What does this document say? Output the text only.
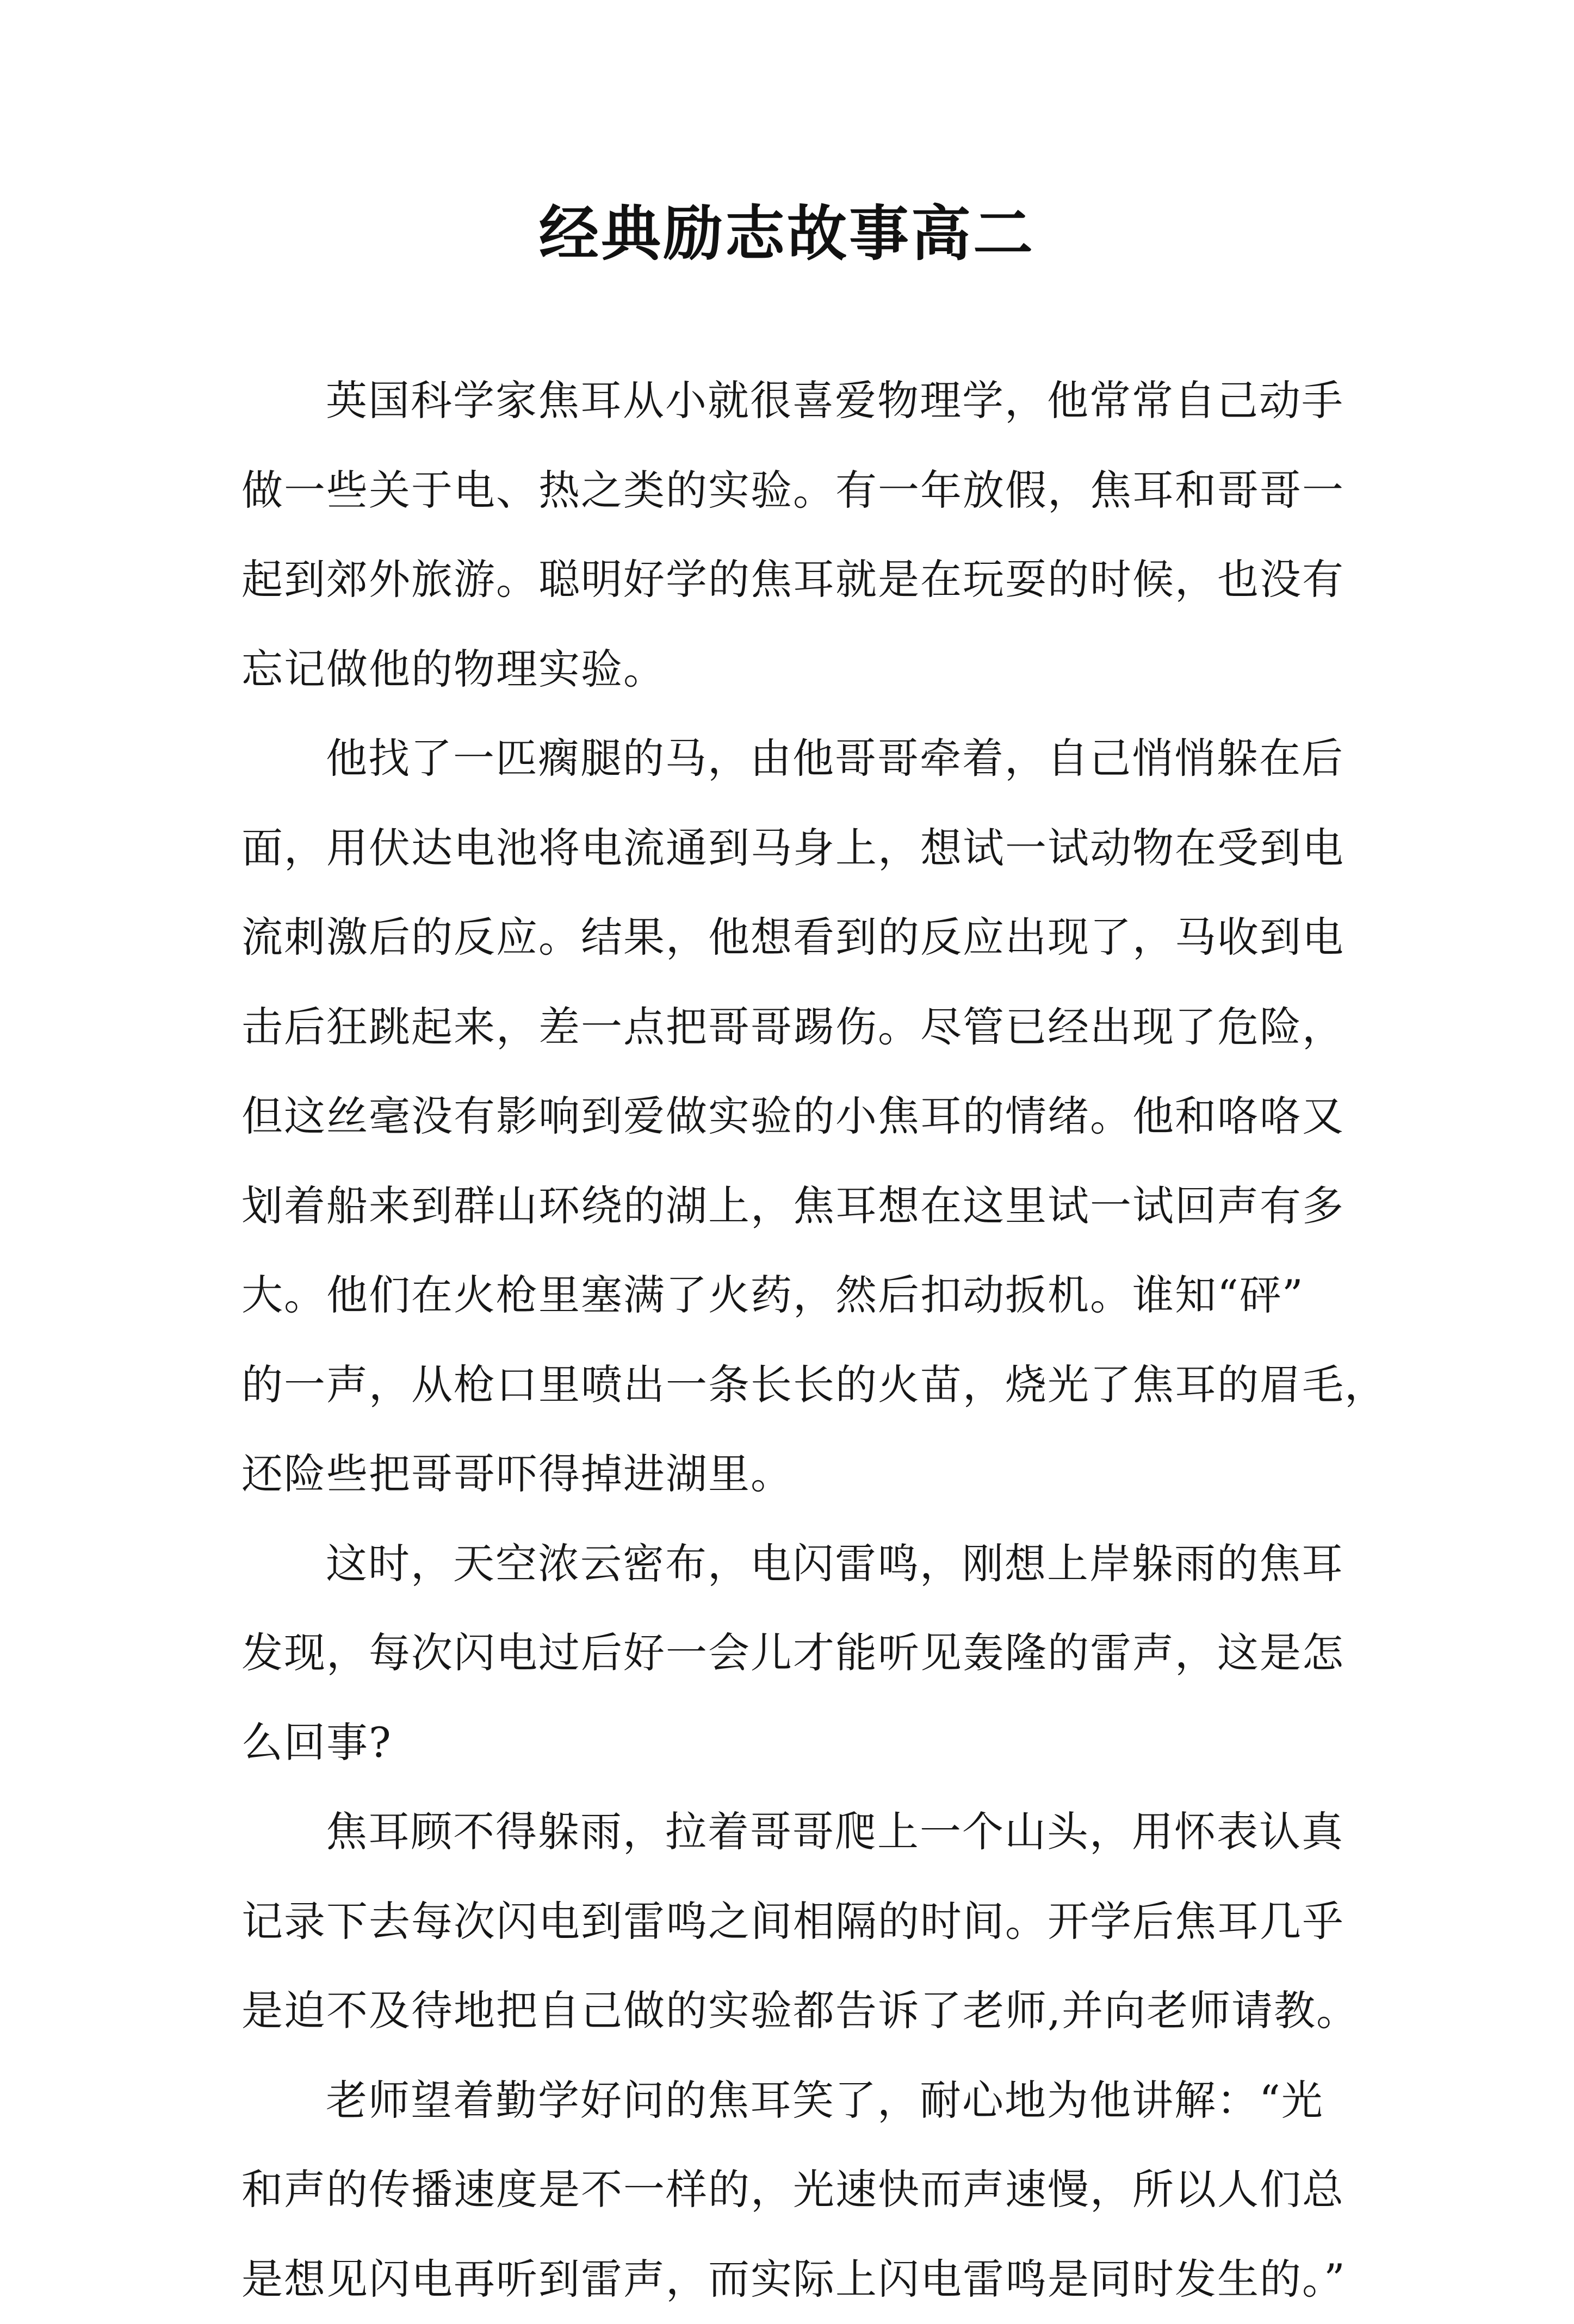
经典励志故事高二
英国科学家焦耳从小就很喜爱物理学，他常常自己动手
做一些关于电、热之类的实验。有一年放假，焦耳和哥哥一
起到郊外旅游。聪明好学的焦耳就是在玩耍的时候，也没有
忘记做他的物理实验。
他找了一匹瘸腿的马，由他哥哥牵着，自己悄悄躲在后
面，用伏达电池将电流通到马身上，想试一试动物在受到电
流刺激后的反应。结果，他想看到的反应出现了，马收到电
击后狂跳起来，差一点把哥哥踢伤。尽管已经出现了危险，
但这丝毫没有影响到爱做实验的小焦耳的情绪。他和咯咯又
划着船来到群山环绕的湖上，焦耳想在这里试一试回声有多
大。他们在火枪里塞满了火药，然后扣动扳机。谁知“砰”
的一声，从枪口里喷出一条长长的火苗，烧光了焦耳的眉毛，
还险些把哥哥吓得掉进湖里。
这时，天空浓云密布，电闪雷鸣，刚想上岸躲雨的焦耳
发现，每次闪电过后好一会儿才能听见轰隆的雷声，这是怎
么回事?
焦耳顾不得躲雨，拉着哥哥爬上一个山头，用怀表认真
记录下去每次闪电到雷鸣之间相隔的时间。开学后焦耳几乎
是迫不及待地把自己做的实验都告诉了老师,并向老师请教。
老师望着勤学好问的焦耳笑了，耐心地为他讲解：“光
和声的传播速度是不一样的，光速快而声速慢，所以人们总
是想见闪电再听到雷声，而实际上闪电雷鸣是同时发生的。”
